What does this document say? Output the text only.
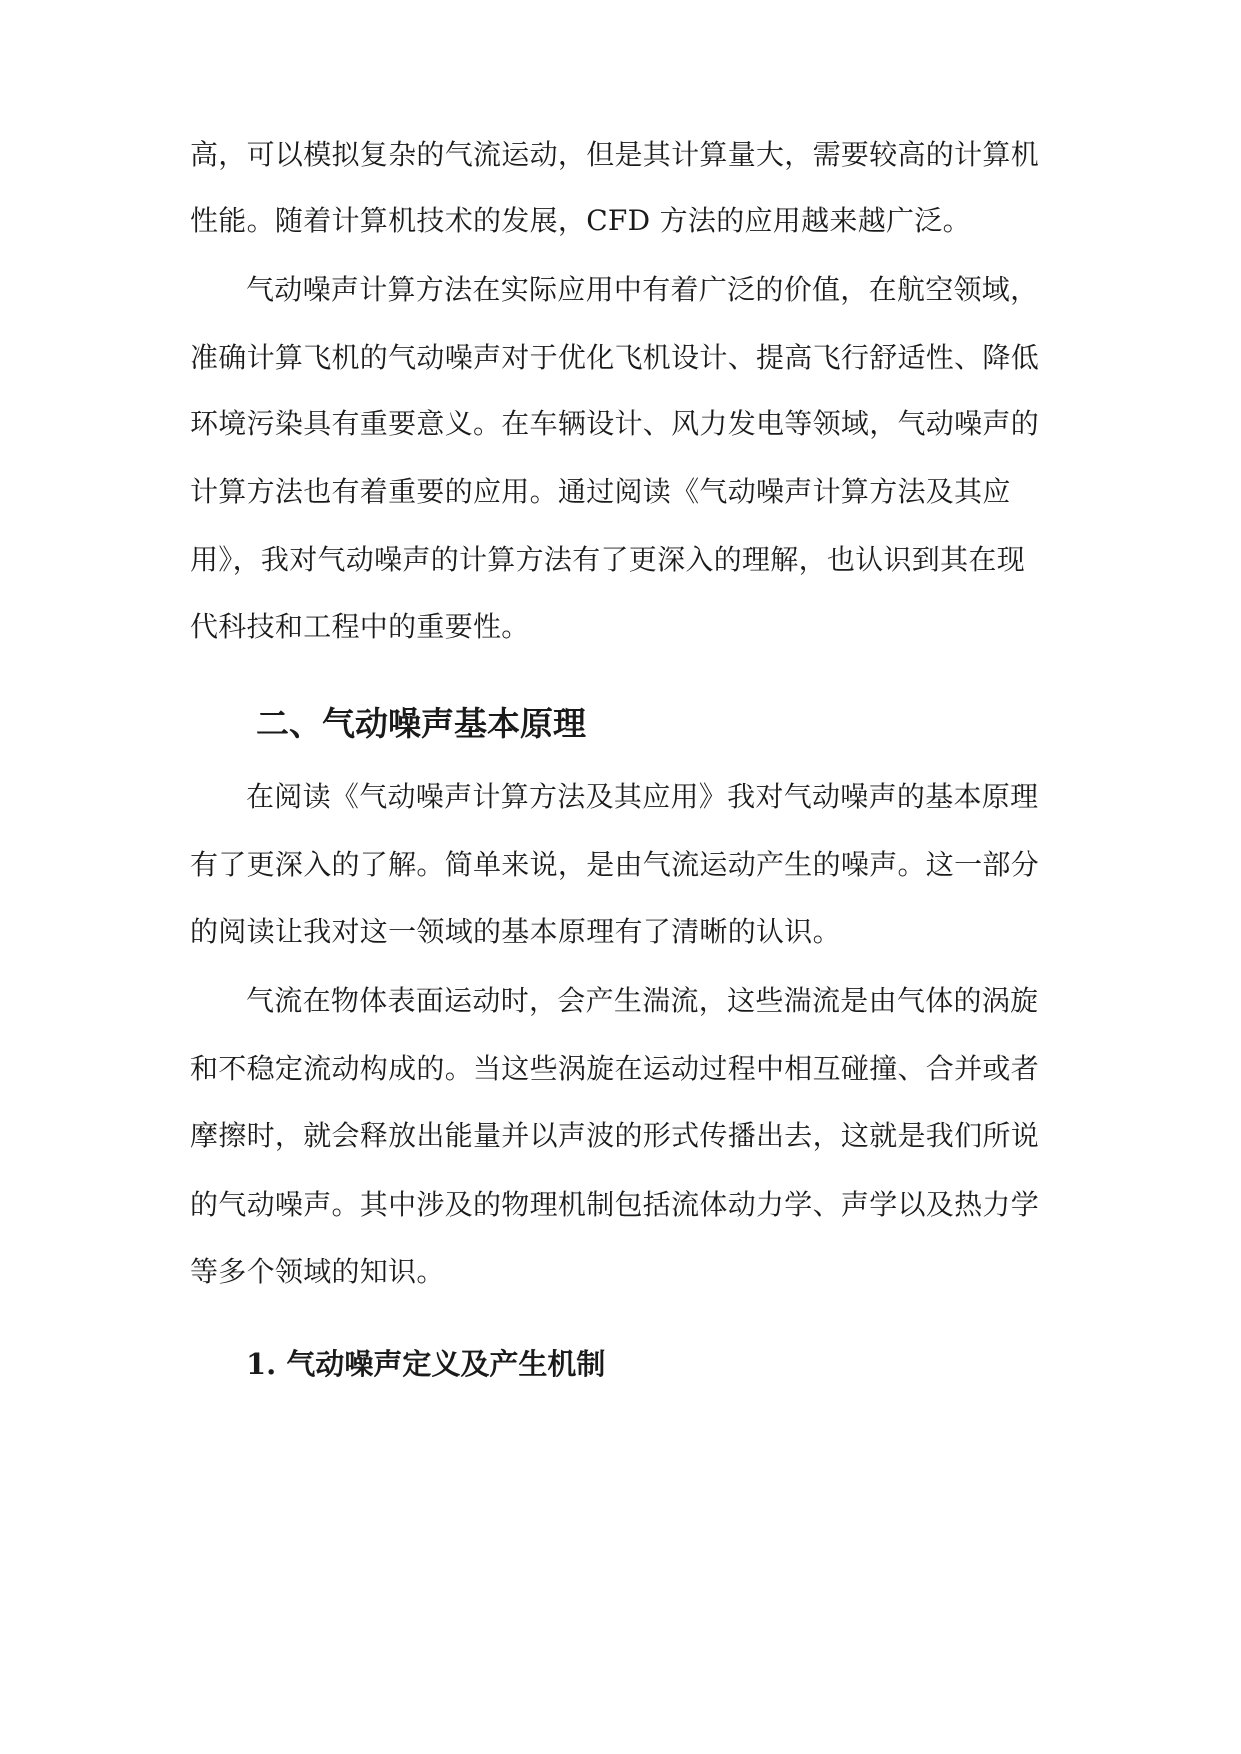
高，可以模拟复杂的气流运动，但是其计算量大，需要较高的计算机
性能。随着计算机技术的发展，CFD 方法的应用越来越广泛。
气动噪声计算方法在实际应用中有着广泛的价值，在航空领域，
准确计算飞机的气动噪声对于优化飞机设计、提高飞行舒适性、降低
环境污染具有重要意义。在车辆设计、风力发电等领域，气动噪声的
计算方法也有着重要的应用。通过阅读《气动噪声计算方法及其应
用》，我对气动噪声的计算方法有了更深入的理解，也认识到其在现
代科技和工程中的重要性。
二、气动噪声基本原理
在阅读《气动噪声计算方法及其应用》我对气动噪声的基本原理
有了更深入的了解。简单来说，是由气流运动产生的噪声。这一部分
的阅读让我对这一领域的基本原理有了清晰的认识。
气流在物体表面运动时，会产生湍流，这些湍流是由气体的涡旋
和不稳定流动构成的。当这些涡旋在运动过程中相互碰撞、合并或者
摩擦时，就会释放出能量并以声波的形式传播出去，这就是我们所说
的气动噪声。其中涉及的物理机制包括流体动力学、声学以及热力学
等多个领域的知识。
1. 气动噪声定义及产生机制
